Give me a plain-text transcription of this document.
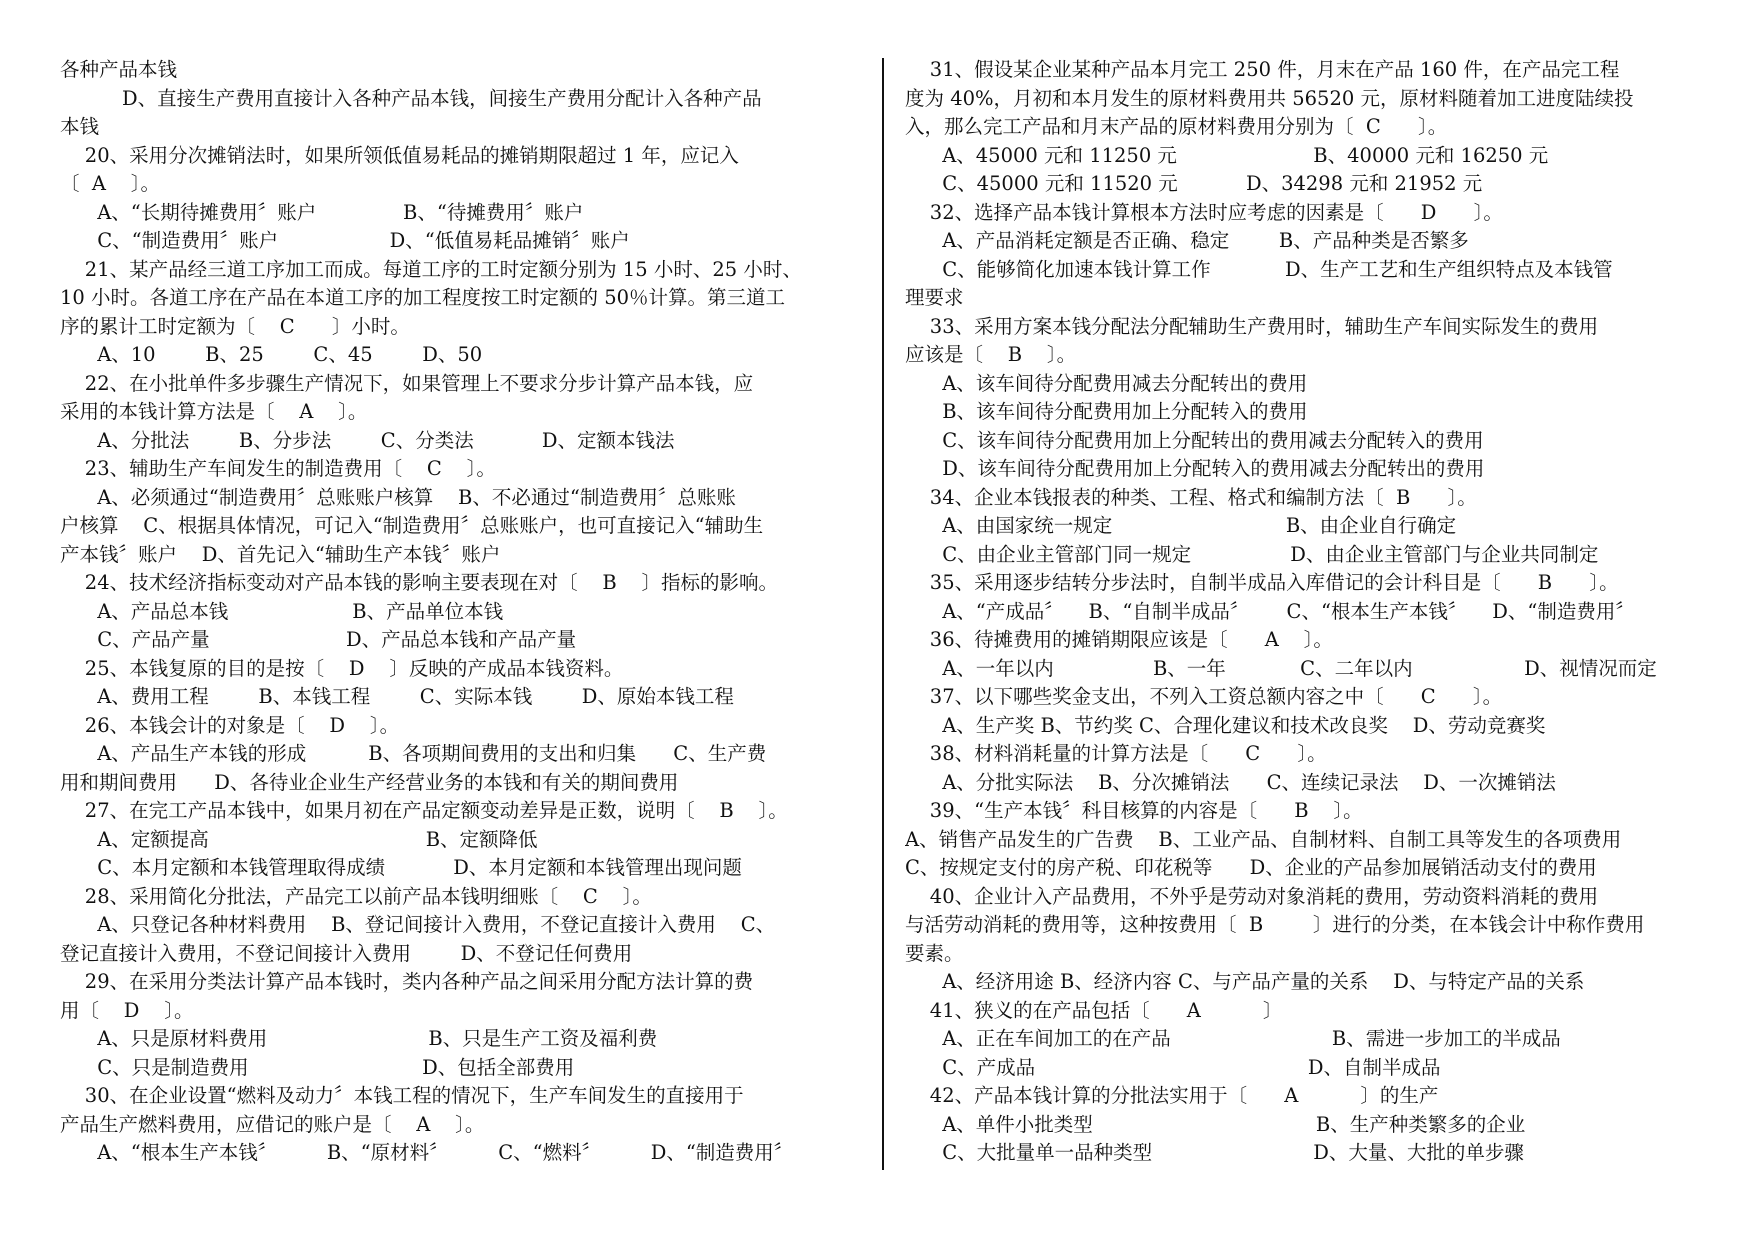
各种产品本钱
D、直接生产费用直接计入各种产品本钱，间接生产费用分配计入各种产品
本钱
20、采用分次摊销法时，如果所领低值易耗品的摊销期限超过 1 年，应记入
〔  A    〕。
A、“长期待摊费用〞账户              B、“待摊费用〞账户
C、“制造费用〞账户                  D、“低值易耗品摊销〞账户
21、某产品经三道工序加工而成。每道工序的工时定额分别为 15 小时、25 小时、
10 小时。各道工序在产品在本道工序的加工程度按工时定额的 50％计算。第三道工
序的累计工时定额为〔    C      〕小时。
A、10        B、25        C、45        D、50
22、在小批单件多步骤生产情况下，如果管理上不要求分步计算产品本钱，应
采用的本钱计算方法是〔    A    〕。
A、分批法        B、分步法        C、分类法           D、定额本钱法
23、辅助生产车间发生的制造费用〔    C    〕。
A、必须通过“制造费用〞总账账户核算    B、不必通过“制造费用〞总账账
户核算    C、根据具体情况，可记入“制造费用〞总账账户，也可直接记入“辅助生
产本钱〞账户    D、首先记入“辅助生产本钱〞账户
24、技术经济指标变动对产品本钱的影响主要表现在对〔    B    〕指标的影响。
A、产品总本钱                    B、产品单位本钱
C、产品产量                      D、产品总本钱和产品产量
25、本钱复原的目的是按〔    D    〕反映的产成品本钱资料。
A、费用工程        B、本钱工程        C、实际本钱        D、原始本钱工程
26、本钱会计的对象是〔    D    〕。
A、产品生产本钱的形成          B、各项期间费用的支出和归集      C、生产费
用和期间费用      D、各待业企业生产经营业务的本钱和有关的期间费用
27、在完工产品本钱中，如果月初在产品定额变动差异是正数，说明〔    B    〕。
A、定额提高                                   B、定额降低
C、本月定额和本钱管理取得成绩           D、本月定额和本钱管理出现问题
28、采用简化分批法，产品完工以前产品本钱明细账〔    C    〕。
A、只登记各种材料费用    B、登记间接计入费用，不登记直接计入费用    C、
登记直接计入费用，不登记间接计入费用        D、不登记任何费用
29、在采用分类法计算产品本钱时，类内各种产品之间采用分配方法计算的费
用〔    D    〕。
A、只是原材料费用                          B、只是生产工资及福利费
C、只是制造费用                            D、包括全部费用
30、在企业设置“燃料及动力〞本钱工程的情况下，生产车间发生的直接用于
产品生产燃料费用，应借记的账户是〔    A    〕。
A、“根本生产本钱〞        B、“原材料〞        C、“燃料〞        D、“制造费用〞
31、假设某企业某种产品本月完工 250 件，月末在产品 160 件，在产品完工程
度为 40%，月初和本月发生的原材料费用共 56520 元，原材料随着加工进度陆续投
入，那么完工产品和月末产品的原材料费用分别为〔  C      〕。
A、45000 元和 11250 元                      B、40000 元和 16250 元
C、45000 元和 11520 元           D、34298 元和 21952 元
32、选择产品本钱计算根本方法时应考虑的因素是〔      D      〕。
A、产品消耗定额是否正确、稳定        B、产品种类是否繁多
C、能够简化加速本钱计算工作            D、生产工艺和生产组织特点及本钱管
理要求
33、采用方案本钱分配法分配辅助生产费用时，辅助生产车间实际发生的费用
应该是〔    B    〕。
A、该车间待分配费用减去分配转出的费用
B、该车间待分配费用加上分配转入的费用
C、该车间待分配费用加上分配转出的费用减去分配转入的费用
D、该车间待分配费用加上分配转入的费用减去分配转出的费用
34、企业本钱报表的种类、工程、格式和编制方法〔  B      〕。
A、由国家统一规定                            B、由企业自行确定
C、由企业主管部门同一规定                D、由企业主管部门与企业共同制定
35、采用逐步结转分步法时，自制半成品入库借记的会计科目是〔      B      〕。
A、“产成品〞    B、“自制半成品〞      C、“根本生产本钱〞    D、“制造费用〞
36、待摊费用的摊销期限应该是〔      A    〕。
A、一年以内                B、一年            C、二年以内                  D、视情况而定
37、以下哪些奖金支出，不列入工资总额内容之中〔      C      〕。
A、生产奖 B、节约奖 C、合理化建议和技术改良奖    D、劳动竞赛奖
38、材料消耗量的计算方法是〔      C      〕。
A、分批实际法    B、分次摊销法      C、连续记录法    D、一次摊销法
39、“生产本钱〞科目核算的内容是〔      B    〕。
A、销售产品发生的广告费    B、工业产品、自制材料、自制工具等发生的各项费用
C、按规定支付的房产税、印花税等      D、企业的产品参加展销活动支付的费用
40、企业计入产品费用，不外乎是劳动对象消耗的费用，劳动资料消耗的费用
与活劳动消耗的费用等，这种按费用〔  B        〕进行的分类，在本钱会计中称作费用
要素。
A、经济用途 B、经济内容 C、与产品产量的关系    D、与特定产品的关系
41、狭义的在产品包括〔      A          〕
A、正在车间加工的在产品                          B、需进一步加工的半成品
C、产成品                                            D、自制半成品
42、产品本钱计算的分批法实用于〔      A          〕的生产
A、单件小批类型                                    B、生产种类繁多的企业
C、大批量单一品种类型                          D、大量、大批的单步骤
